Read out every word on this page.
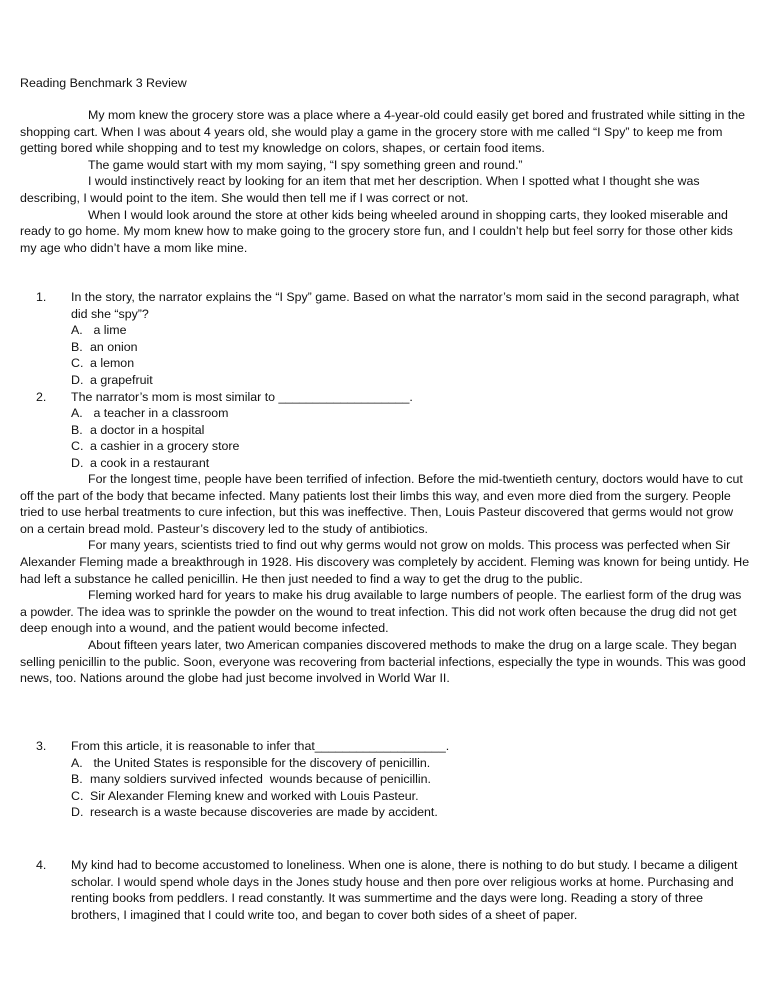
Reading Benchmark 3 Review

My mom knew the grocery store was a place where a 4-year-old could easily get bored and frustrated while sitting in the shopping cart. When I was about 4 years old, she would play a game in the grocery store with me called “I Spy” to keep me from getting bored while shopping and to test my knowledge on colors, shapes, or certain food items.

The game would start with my mom saying, “I spy something green and round.”

I would instinctively react by looking for an item that met her description. When I spotted what I thought she was describing, I would point to the item. She would then tell me if I was correct or not.

When I would look around the store at other kids being wheeled around in shopping carts, they looked miserable and ready to go home. My mom knew how to make going to the grocery store fun, and I couldn’t help but feel sorry for those other kids my age who didn’t have a mom like mine.

1. In the story, the narrator explains the “I Spy” game. Based on what the narrator’s mom said in the second paragraph, what did she “spy”?
A. a lime
B. an onion
C. a lemon
D. a grapefruit
2. The narrator’s mom is most similar to ___________________.
A. a teacher in a classroom
B. a doctor in a hospital
C. a cashier in a grocery store
D. a cook in a restaurant

For the longest time, people have been terrified of infection. Before the mid-twentieth century, doctors would have to cut off the part of the body that became infected. Many patients lost their limbs this way, and even more died from the surgery. People tried to use herbal treatments to cure infection, but this was ineffective. Then, Louis Pasteur discovered that germs would not grow on a certain bread mold. Pasteur’s discovery led to the study of antibiotics.

For many years, scientists tried to find out why germs would not grow on molds. This process was perfected when Sir Alexander Fleming made a breakthrough in 1928. His discovery was completely by accident. Fleming was known for being untidy. He had left a substance he called penicillin. He then just needed to find a way to get the drug to the public.

Fleming worked hard for years to make his drug available to large numbers of people. The earliest form of the drug was a powder. The idea was to sprinkle the powder on the wound to treat infection. This did not work often because the drug did not get deep enough into a wound, and the patient would become infected.

About fifteen years later, two American companies discovered methods to make the drug on a large scale. They began selling penicillin to the public. Soon, everyone was recovering from bacterial infections, especially the type in wounds. This was good news, too. Nations around the globe had just become involved in World War II.

3. From this article, it is reasonable to infer that___________________.
A. the United States is responsible for the discovery of penicillin.
B. many soldiers survived infected  wounds because of penicillin.
C. Sir Alexander Fleming knew and worked with Louis Pasteur.
D. research is a waste because discoveries are made by accident.
4. My kind had to become accustomed to loneliness. When one is alone, there is nothing to do but study. I became a diligent scholar. I would spend whole days in the Jones study house and then pore over religious works at home. Purchasing and renting books from peddlers. I read constantly. It was summertime and the days were long. Reading a story of three brothers, I imagined that I could write too, and began to cover both sides of a sheet of paper.
